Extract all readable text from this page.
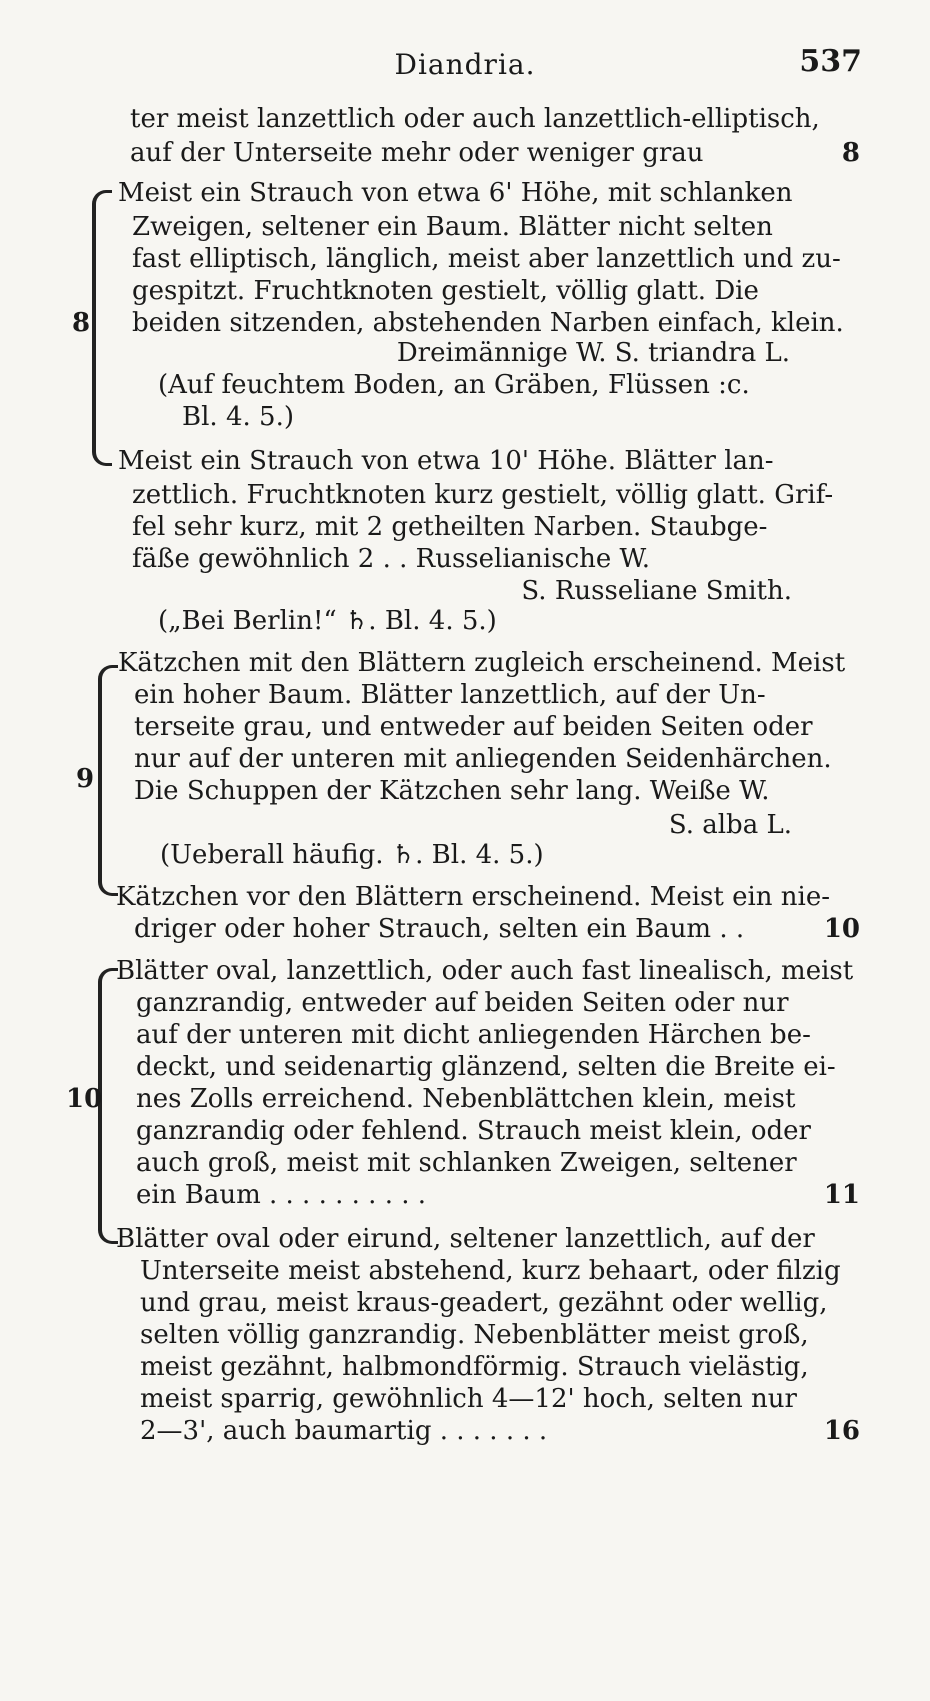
Diandria.	537
ter meist lanzettlich oder auch lanzettlich-elliptisch,
auf der Unterseite mehr oder weniger grau	8
8
Meist ein Strauch von etwa 6' Höhe, mit schlanken
Zweigen, seltener ein Baum. Blätter nicht selten
fast elliptisch, länglich, meist aber lanzettlich und zu-
gespitzt. Fruchtknoten gestielt, völlig glatt. Die
beiden sitzenden, abstehenden Narben einfach, klein.
Dreimännige W. S. triandra L.
(Auf feuchtem Boden, an Gräben, Flüssen :c.
Bl. 4. 5.)
Meist ein Strauch von etwa 10' Höhe. Blätter lan-
zettlich. Fruchtknoten kurz gestielt, völlig glatt. Grif-
fel sehr kurz, mit 2 getheilten Narben. Staubge-
fäße gewöhnlich 2 . . Russelianische W.
S. Russeliane Smith.
(„Bei Berlin!“ ♄. Bl. 4. 5.)
9
Kätzchen mit den Blättern zugleich erscheinend. Meist
ein hoher Baum. Blätter lanzettlich, auf der Un-
terseite grau, und entweder auf beiden Seiten oder
nur auf der unteren mit anliegenden Seidenhärchen.
Die Schuppen der Kätzchen sehr lang. Weiße W.
S. alba L.
(Ueberall häufig. ♄. Bl. 4. 5.)
Kätzchen vor den Blättern erscheinend. Meist ein nie-
driger oder hoher Strauch, selten ein Baum . .	10
10
Blätter oval, lanzettlich, oder auch fast linealisch, meist
ganzrandig, entweder auf beiden Seiten oder nur
auf der unteren mit dicht anliegenden Härchen be-
deckt, und seidenartig glänzend, selten die Breite ei-
nes Zolls erreichend. Nebenblättchen klein, meist
ganzrandig oder fehlend. Strauch meist klein, oder
auch groß, meist mit schlanken Zweigen, seltener
ein Baum . . . . . . . . . .	11
Blätter oval oder eirund, seltener lanzettlich, auf der
Unterseite meist abstehend, kurz behaart, oder filzig
und grau, meist kraus-geadert, gezähnt oder wellig,
selten völlig ganzrandig. Nebenblätter meist groß,
meist gezähnt, halbmondförmig. Strauch vielästig,
meist sparrig, gewöhnlich 4—12' hoch, selten nur
2—3', auch baumartig . . . . . . .	16
